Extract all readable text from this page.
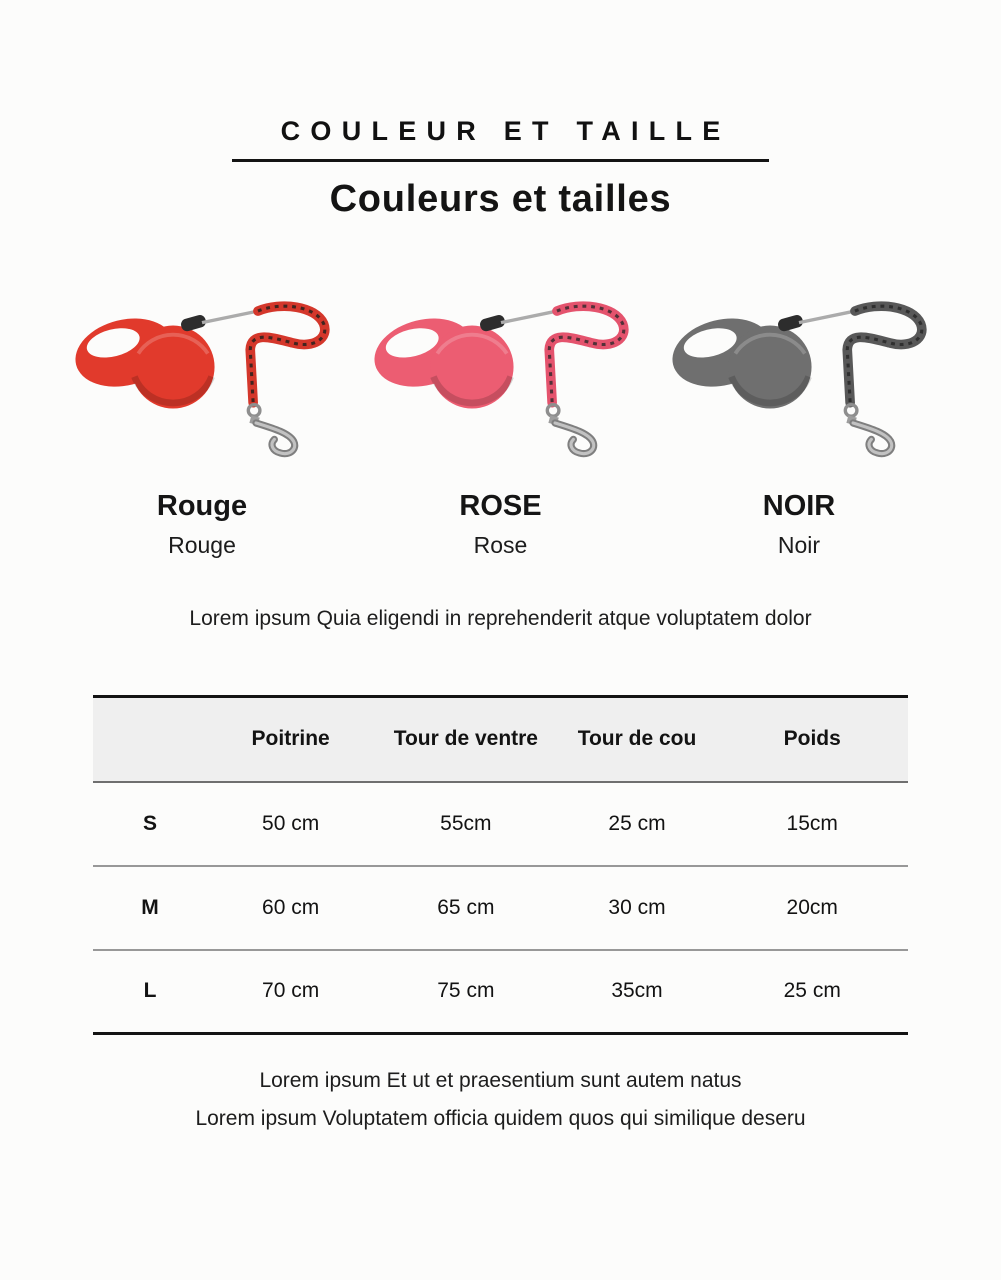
COULEUR ET TAILLE
Couleurs et tailles
Rouge
Rouge
ROSE
Rose
NOIR
Noir

Lorem ipsum Quia eligendi in reprehenderit atque voluptatem dolor

	Poitrine	Tour de ventre	Tour de cou	Poids
S	50 cm	55cm	25 cm	15cm
M	60 cm	65 cm	30 cm	20cm
L	70 cm	75 cm	35cm	25 cm
Lorem ipsum Et ut et praesentium sunt autem natus
Lorem ipsum Voluptatem officia quidem quos qui similique deseru
